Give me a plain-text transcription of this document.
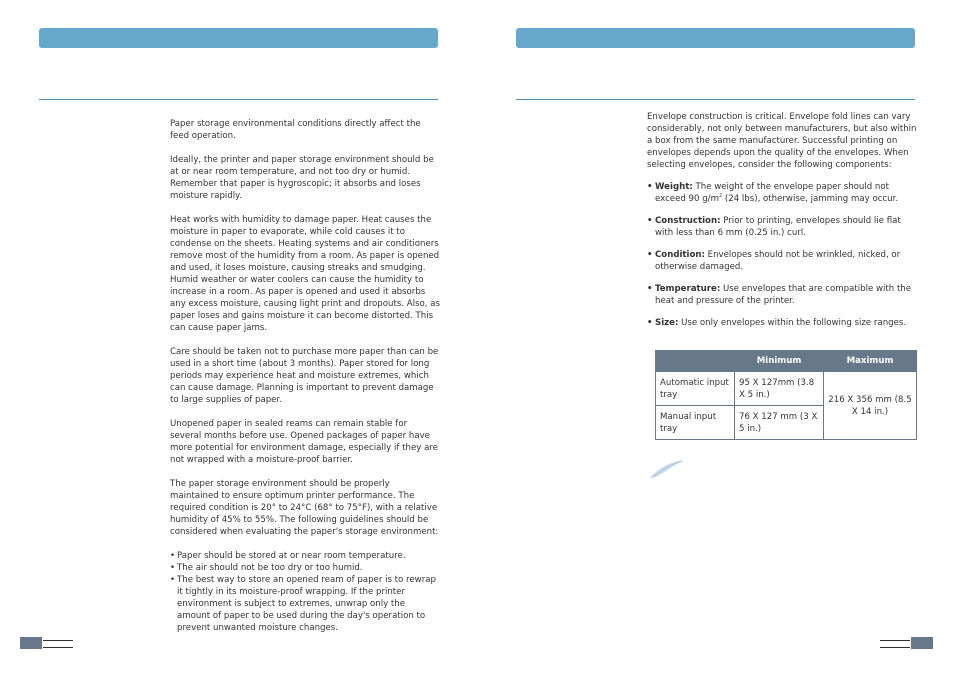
Paper storage environmental conditions directly affect the feed operation.

Ideally, the printer and paper storage environment should be at or near room temperature, and not too dry or humid. Remember that paper is hygroscopic; it absorbs and loses moisture rapidly.

Heat works with humidity to damage paper. Heat causes the moisture in paper to evaporate, while cold causes it to condense on the sheets. Heating systems and air conditioners remove most of the humidity from a room. As paper is opened and used, it loses moisture, causing streaks and smudging. Humid weather or water coolers can cause the humidity to increase in a room. As paper is opened and used it absorbs any excess moisture, causing light print and dropouts. Also, as paper loses and gains moisture it can become distorted. This can cause paper jams.

Care should be taken not to purchase more paper than can be used in a short time (about 3 months). Paper stored for long periods may experience heat and moisture extremes, which can cause damage. Planning is important to prevent damage to large supplies of paper.

Unopened paper in sealed reams can remain stable for several months before use. Opened packages of paper have more potential for environment damage, especially if they are not wrapped with a moisture-proof barrier.

The paper storage environment should be properly maintained to ensure optimum printer performance. The required condition is 20° to 24°C (68° to 75°F), with a relative humidity of 45% to 55%. The following guidelines should be considered when evaluating the paper's storage environment:

• Paper should be stored at or near room temperature.
• The air should not be too dry or too humid.
• The best way to store an opened ream of paper is to rewrap it tightly in its moisture-proof wrapping. If the printer environment is subject to extremes, unwrap only the amount of paper to be used during the day's operation to prevent unwanted moisture changes.

Envelope construction is critical. Envelope fold lines can vary considerably, not only between manufacturers, but also within a box from the same manufacturer. Successful printing on envelopes depends upon the quality of the envelopes. When selecting envelopes, consider the following components:

• Weight: The weight of the envelope paper should not exceed 90 $g/m^2$ (24 lbs), otherwise, jamming may occur.
• Construction: Prior to printing, envelopes should lie flat with less than 6 mm (0.25 in.) curl.
• Condition: Envelopes should not be wrinkled, nicked, or otherwise damaged.
• Temperature: Use envelopes that are compatible with the heat and pressure of the printer.
• Size: Use only envelopes within the following size ranges.
	Minimum	Maximum
Automatic input tray	95 X 127mm (3.8 X 5 in.)	216 X 356 mm (8.5 X 14 in.)
Manual input tray	76 X 127 mm (3 X 5 in.)	
